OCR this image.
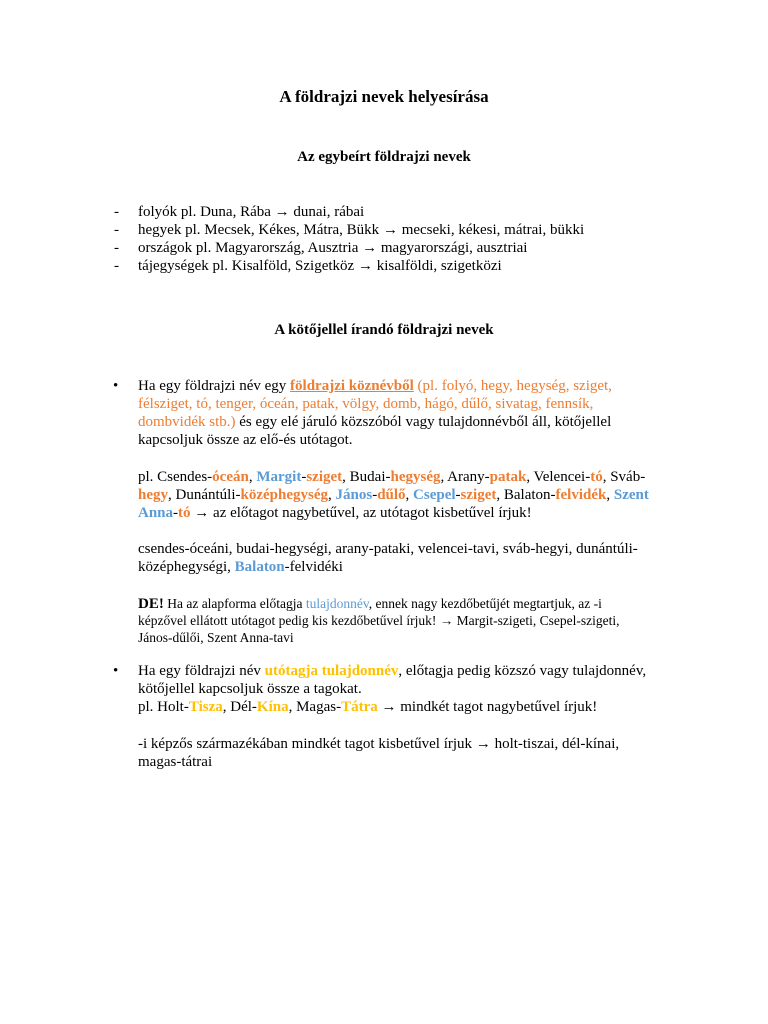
A földrajzi nevek helyesírása
Az egybeírt földrajzi nevek
- folyók pl. Duna, Rába → dunai, rábai
- hegyek pl. Mecsek, Kékes, Mátra, Bükk → mecseki, kékesi, mátrai, bükki
- országok pl. Magyarország, Ausztria → magyarországi, ausztriai
- tájegységek pl. Kisalföld, Szigetköz → kisalföldi, szigetközi
A kötőjellel írandó földrajzi nevek
• Ha egy földrajzi név egy földrajzi köznévből (pl. folyó, hegy, hegység, sziget,
félsziget, tó, tenger, óceán, patak, völgy, domb, hágó, dűlő, sivatag, fennsík,
dombvidék stb.) és egy elé járuló közszóból vagy tulajdonnévből áll, kötőjellel
kapcsoljuk össze az elő-és utótagot.
pl. Csendes-óceán, Margit-sziget, Budai-hegység, Arany-patak, Velencei-tó, Sváb-
hegy, Dunántúli-középhegység, János-dűlő, Csepel-sziget, Balaton-felvidék, Szent
Anna-tó → az előtagot nagybetűvel, az utótagot kisbetűvel írjuk!
csendes-óceáni, budai-hegységi, arany-pataki, velencei-tavi, sváb-hegyi, dunántúli-
középhegységi, Balaton-felvidéki
DE! Ha az alapforma előtagja tulajdonnév, ennek nagy kezdőbetűjét megtartjuk, az -i
képzővel ellátott utótagot pedig kis kezdőbetűvel írjuk! → Margit-szigeti, Csepel-szigeti,
János-dűlői, Szent Anna-tavi
• Ha egy földrajzi név utótagja tulajdonnév, előtagja pedig közszó vagy tulajdonnév,
kötőjellel kapcsoljuk össze a tagokat.
pl. Holt-Tisza, Dél-Kína, Magas-Tátra → mindkét tagot nagybetűvel írjuk!
-i képzős származékában mindkét tagot kisbetűvel írjuk → holt-tiszai, dél-kínai,
magas-tátrai
